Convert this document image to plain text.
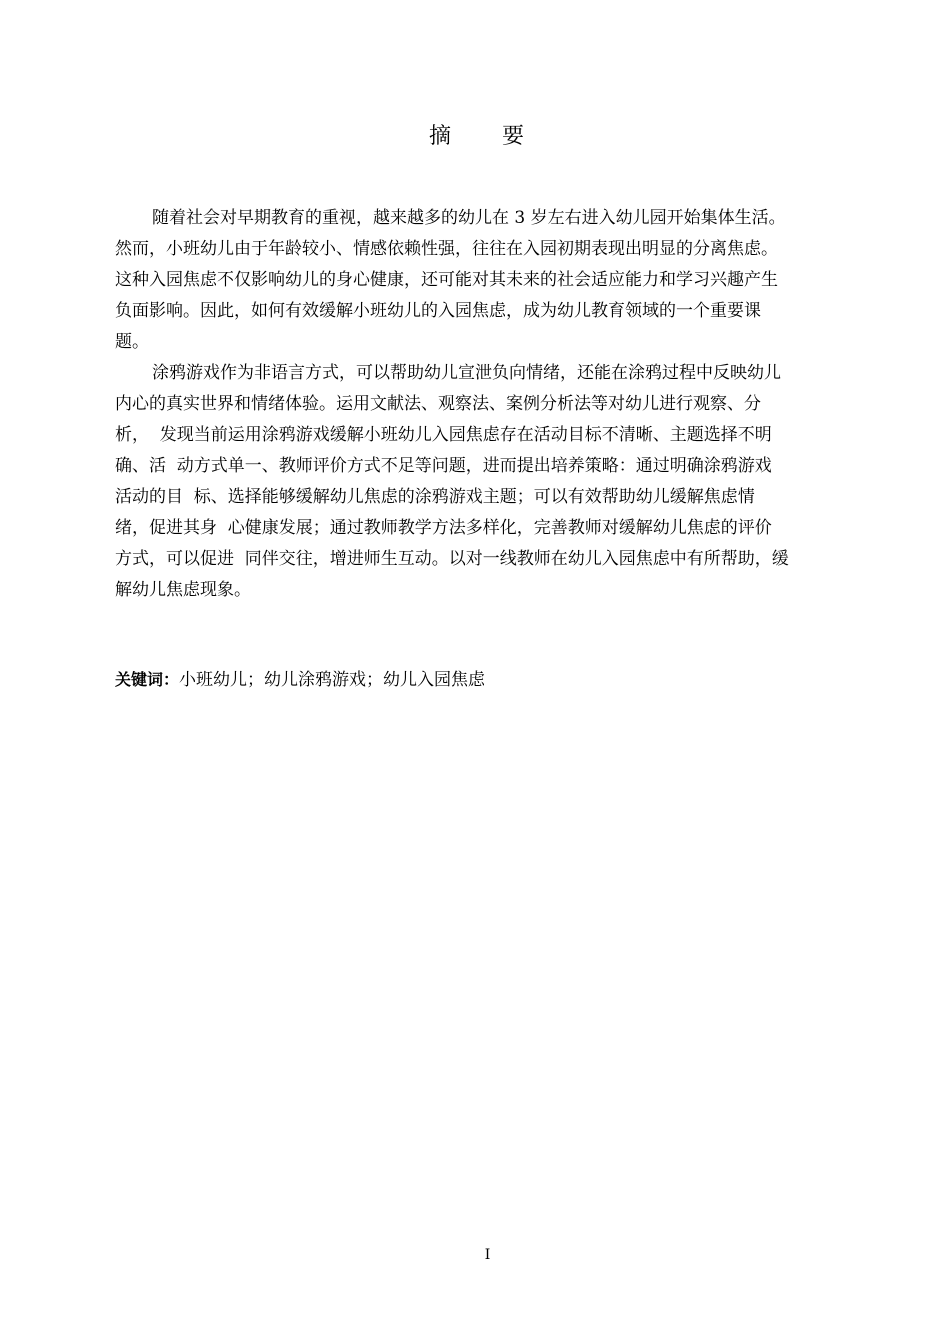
摘 要
随着社会对早期教育的重视，越来越多的幼儿在 3 岁左右进入幼儿园开始集体生活。
然而，小班幼儿由于年龄较小、情感依赖性强，往往在入园初期表现出明显的分离焦虑。
这种入园焦虑不仅影响幼儿的身心健康，还可能对其未来的社会适应能力和学习兴趣产生
负面影响。因此，如何有效缓解小班幼儿的入园焦虑，成为幼儿教育领域的一个重要课
题。
涂鸦游戏作为非语言方式，可以帮助幼儿宣泄负向情绪，还能在涂鸦过程中反映幼儿
内心的真实世界和情绪体验。运用文献法、观察法、案例分析法等对幼儿进行观察、分
析，  发现当前运用涂鸦游戏缓解小班幼儿入园焦虑存在活动目标不清晰、主题选择不明
确、活  动方式单一、教师评价方式不足等问题，进而提出培养策略：通过明确涂鸦游戏
活动的目  标、选择能够缓解幼儿焦虑的涂鸦游戏主题；可以有效帮助幼儿缓解焦虑情
绪，促进其身  心健康发展；通过教师教学方法多样化，完善教师对缓解幼儿焦虑的评价
方式，可以促进  同伴交往，增进师生互动。以对一线教师在幼儿入园焦虑中有所帮助，缓
解幼儿焦虑现象。
关键词：小班幼儿；幼儿涂鸦游戏；幼儿入园焦虑
I
